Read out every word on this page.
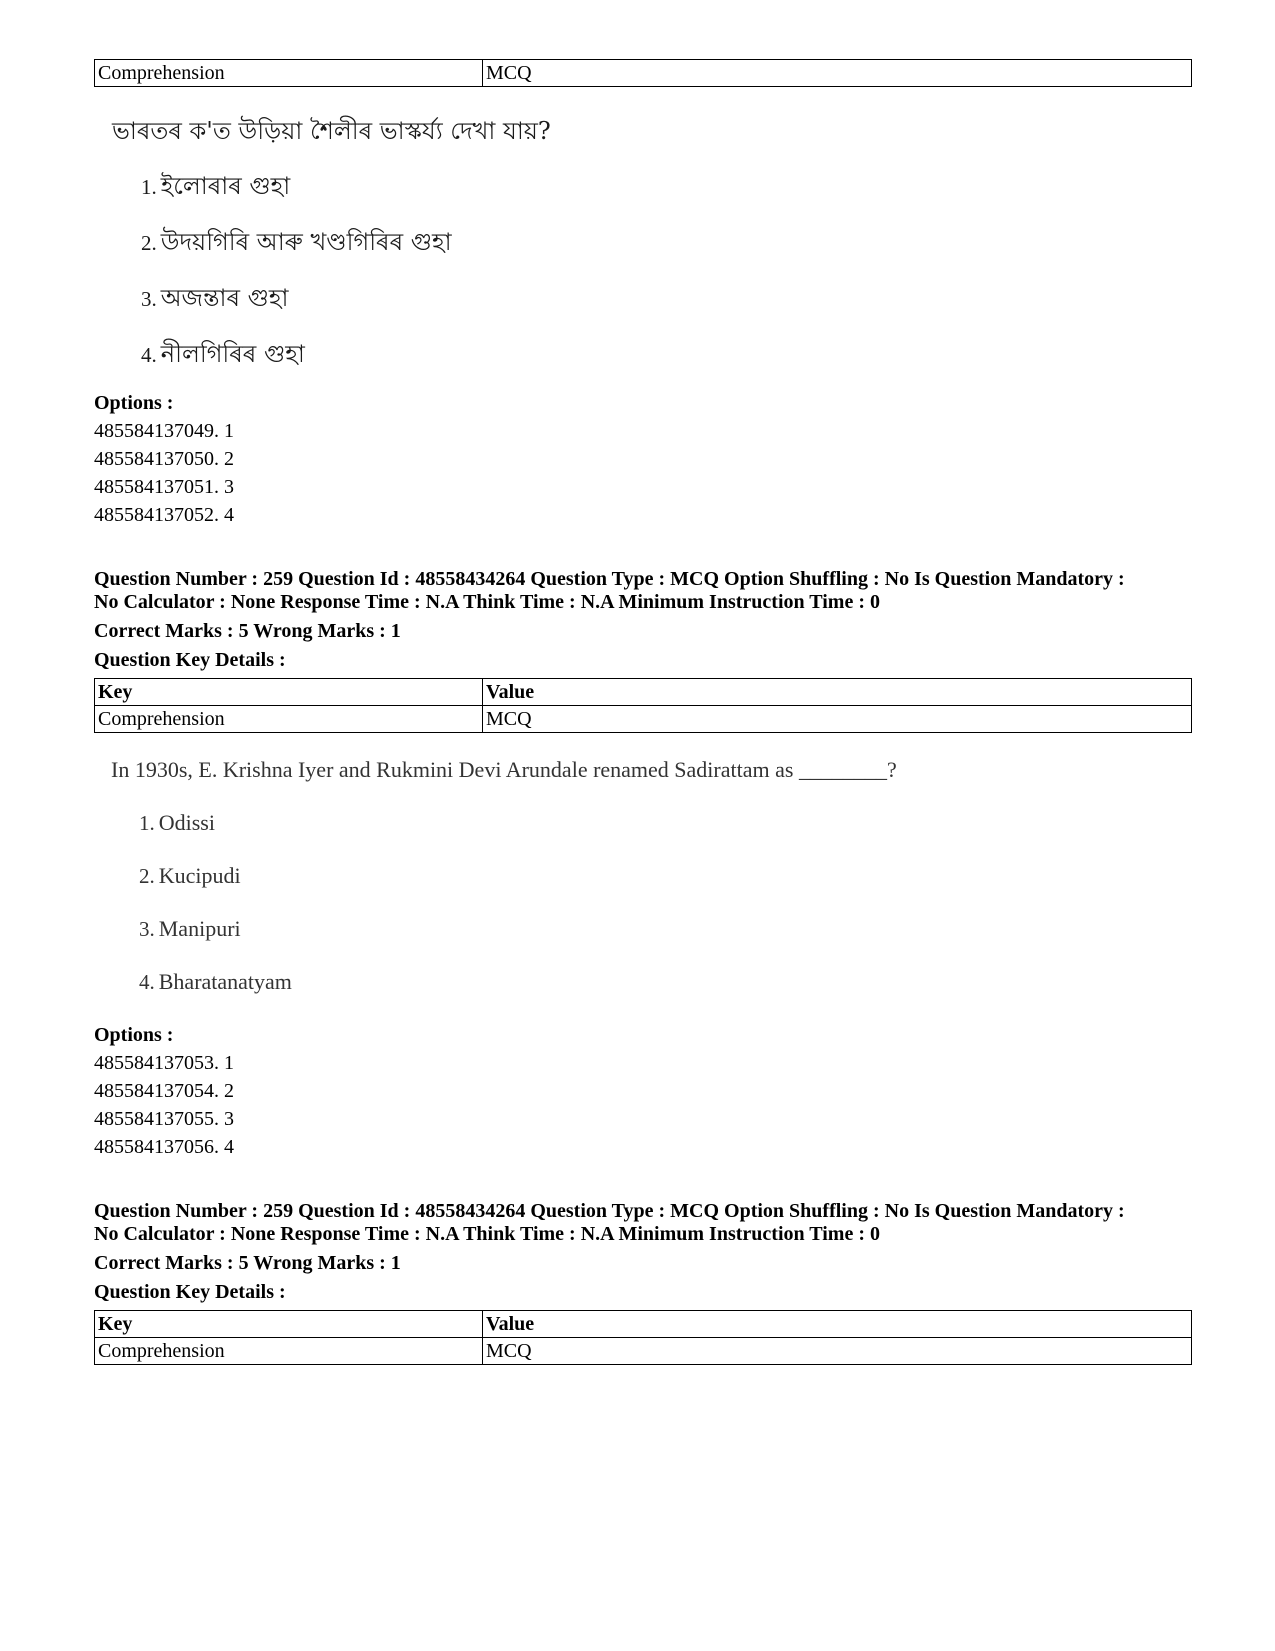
Comprehension	MCQ
ভাৰতৰ ক'ত উড়িয়া শৈলীৰ ভাস্কৰ্য্য দেখা যায়?
1. ইলোৰাৰ গুহা
2. উদয়গিৰি আৰু খণ্ডগিৰিৰ গুহা
3. অজন্তাৰ গুহা
4. নীলগিৰিৰ গুহা
Options :
485584137049. 1
485584137050. 2
485584137051. 3
485584137052. 4
Question Number : 259 Question Id : 48558434264 Question Type : MCQ Option Shuffling : No Is Question Mandatory :
No Calculator : None Response Time : N.A Think Time : N.A Minimum Instruction Time : 0
Correct Marks : 5 Wrong Marks : 1
Question Key Details :
Key	Value
Comprehension	MCQ
In 1930s, E. Krishna Iyer and Rukmini Devi Arundale renamed Sadirattam as ________?
1. Odissi
2. Kucipudi
3. Manipuri
4. Bharatanatyam
Options :
485584137053. 1
485584137054. 2
485584137055. 3
485584137056. 4
Question Number : 259 Question Id : 48558434264 Question Type : MCQ Option Shuffling : No Is Question Mandatory :
No Calculator : None Response Time : N.A Think Time : N.A Minimum Instruction Time : 0
Correct Marks : 5 Wrong Marks : 1
Question Key Details :
Key	Value
Comprehension	MCQ
